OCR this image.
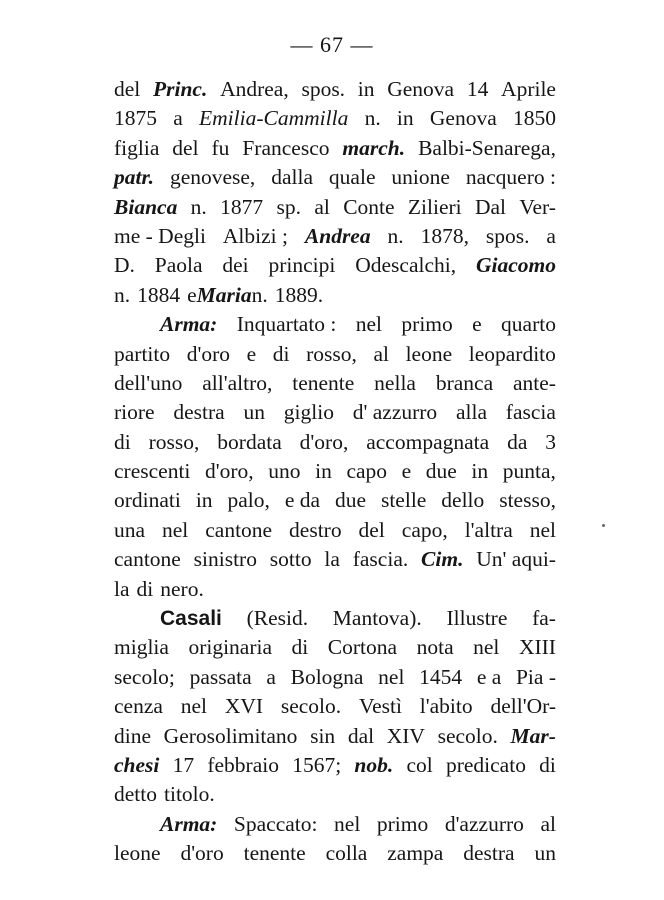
— 67 —
del Princ. Andrea, spos. in Genova 14 Aprile
1875 a Emilia-Cammilla n. in Genova 1850
figlia del fu Francesco march. Balbi-Senarega,
patr. genovese, dalla quale unione nacquero :
Bianca n. 1877 sp. al Conte Zilieri Dal Ver-
me - Degli Albizi ; Andrea n. 1878, spos. a
D. Paola dei principi Odescalchi, Giacomo
n. 1884 e Maria n. 1889.
Arma: Inquartato : nel primo e quarto
partito d'oro e di rosso, al leone leopardito
dell'uno all'altro, tenente nella branca ante-
riore destra un giglio d' azzurro alla fascia
di rosso, bordata d'oro, accompagnata da 3
crescenti d'oro, uno in capo e due in punta,
ordinati in palo, e da due stelle dello stesso,
una nel cantone destro del capo, l'altra nel
cantone sinistro sotto la fascia. Cim. Un' aqui-
la di nero.
Casali (Resid. Mantova). Illustre fa-
miglia originaria di Cortona nota nel XIII
secolo; passata a Bologna nel 1454 e a Pia -
cenza nel XVI secolo. Vestì l'abito dell'Or-
dine Gerosolimitano sin dal XIV secolo. Mar-
chesi 17 febbraio 1567; nob. col predicato di
detto titolo.
Arma: Spaccato: nel primo d'azzurro al
leone d'oro tenente colla zampa destra un
